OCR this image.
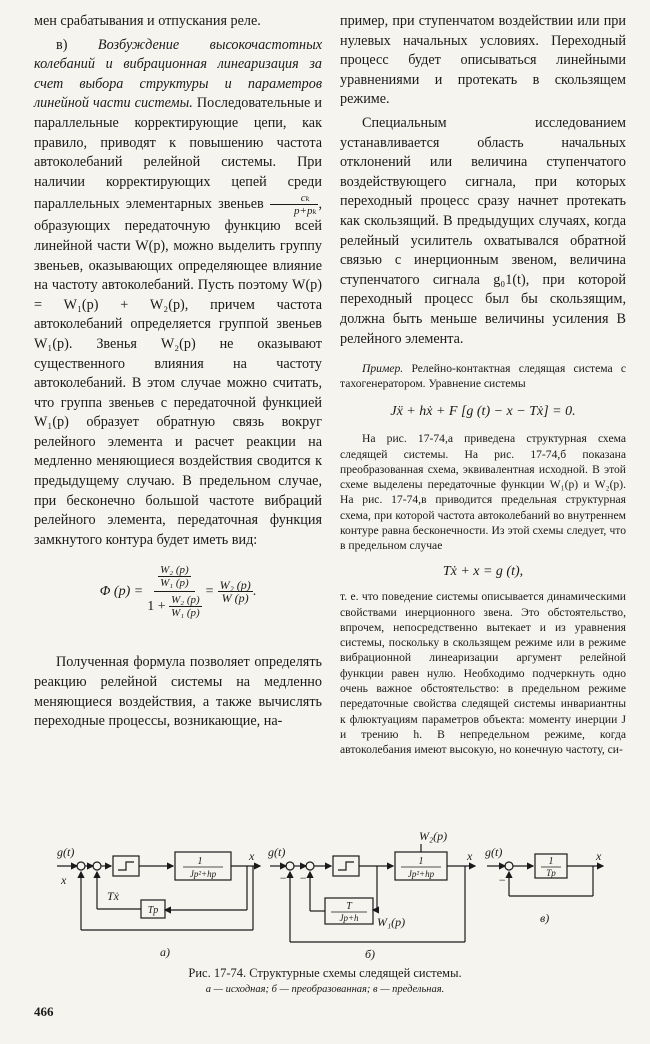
мен срабатывания и отпускания реле.

в) Возбуждение высокочастотных колебаний и вибрационная линеаризация за счет выбора структуры и параметров линейной части системы. Последовательные и параллельные корректирующие цепи, как правило, приводят к повышению частота автоколебаний релейной системы. При наличии корректирующих цепей среди параллельных элементарных звеньев $\frac{\text{cₖ}}{\text{p+pₖ}}$ , образующих передаточную функцию всей линейной части W(p), можно выделить группу звеньев, оказывающих определяющее влияние на частоту автоколебаний. Пусть поэтому W(p) = W₁(p) + W₂(p), причем частота автоколебаний определяется группой звеньев W₁(p). Звенья W₂(p) не оказывают существенного влияния на частоту автоколебаний. В этом случае можно считать, что группа звеньев с передаточной функцией W₁(p) образует обратную связь вокруг релейного элемента и расчет реакции на медленно меняющиеся воздействия сводится к предыдущему случаю. В предельном случае, при бесконечно большой частоте вибраций релейного элемента, передаточная функция замкнутого контура будет иметь вид:

Φ $(p) = \frac{\text{W₂ (p)}}{\text{W₁ (p)}}$
1 +
$\frac{\text{W₂ (p)}}{\text{W₁ (p)}} = \frac{\text{W₂ (p)}}{W (p)}$ .

Полученная формула позволяет определять реакцию релейной системы на медленно меняющиеся воздействия, а также вычислять переходные процессы, возникающие, на-

пример, при ступенчатом воздействии или при нулевых начальных условиях. Переходный процесс будет описываться линейными уравнениями и протекать в скользящем режиме.

Специальным исследованием устанавливается область начальных отклонений или величина ступенчатого воздействующего сигнала, при которых переходный процесс сразу начнет протекать как скользящий. В предыдущих случаях, когда релейный усилитель охватывался обратной связью с инерционным звеном, величина ступенчатого сигнала g₀1(t), при которой переходный процесс был бы скользящим, должна быть меньше величины усиления B релейного элемента.

Пример. Релейно-контактная следящая система с тахогенератором. Уравнение системы

Jẍ + hẋ + F [g (t) − x − Tẋ] = 0.

На рис. 17-74,а приведена структурная схема следящей системы. На рис. 17-74,б показана преобразованная схема, эквивалентная исходной. В этой схеме выделены передаточные функции W₁(p) и W₂(p). На рис. 17-74,в приводится предельная структурная схема, при которой частота автоколебаний во внутреннем контуре равна бесконечности. Из этой схемы следует, что в предельном случае

Tẋ + x = g (t),

т. е. что поведение системы описывается динамическими свойствами инерционного звена. Это обстоятельство, впрочем, непосредственно вытекает и из уравнения системы, поскольку в скользящем режиме или в режиме вибрационной линеаризации аргумент релейной функции равен нулю. Необходимо подчеркнуть одно очень важное обстоятельство: в предельном режиме передаточные свойства следящей системы инвариантны к флюктуациям параметров объекта: моменту инерции J и трению h. В непредельном режиме, когда автоколебания имеют высокую, но конечную частоту, си-

g(t)
x
x
Tẋ
1
Jp²+hp
Tp
а)
g(t)
−
−
x
W₂(p)
W₁(p)
1
Jp²+hp
T
Jp+h
б)
g(t)	x
−
1
Tp
в)
Рис. 17-74. Структурные схемы следящей системы.
а — исходная; б — преобразованная; в — предельная.
466
